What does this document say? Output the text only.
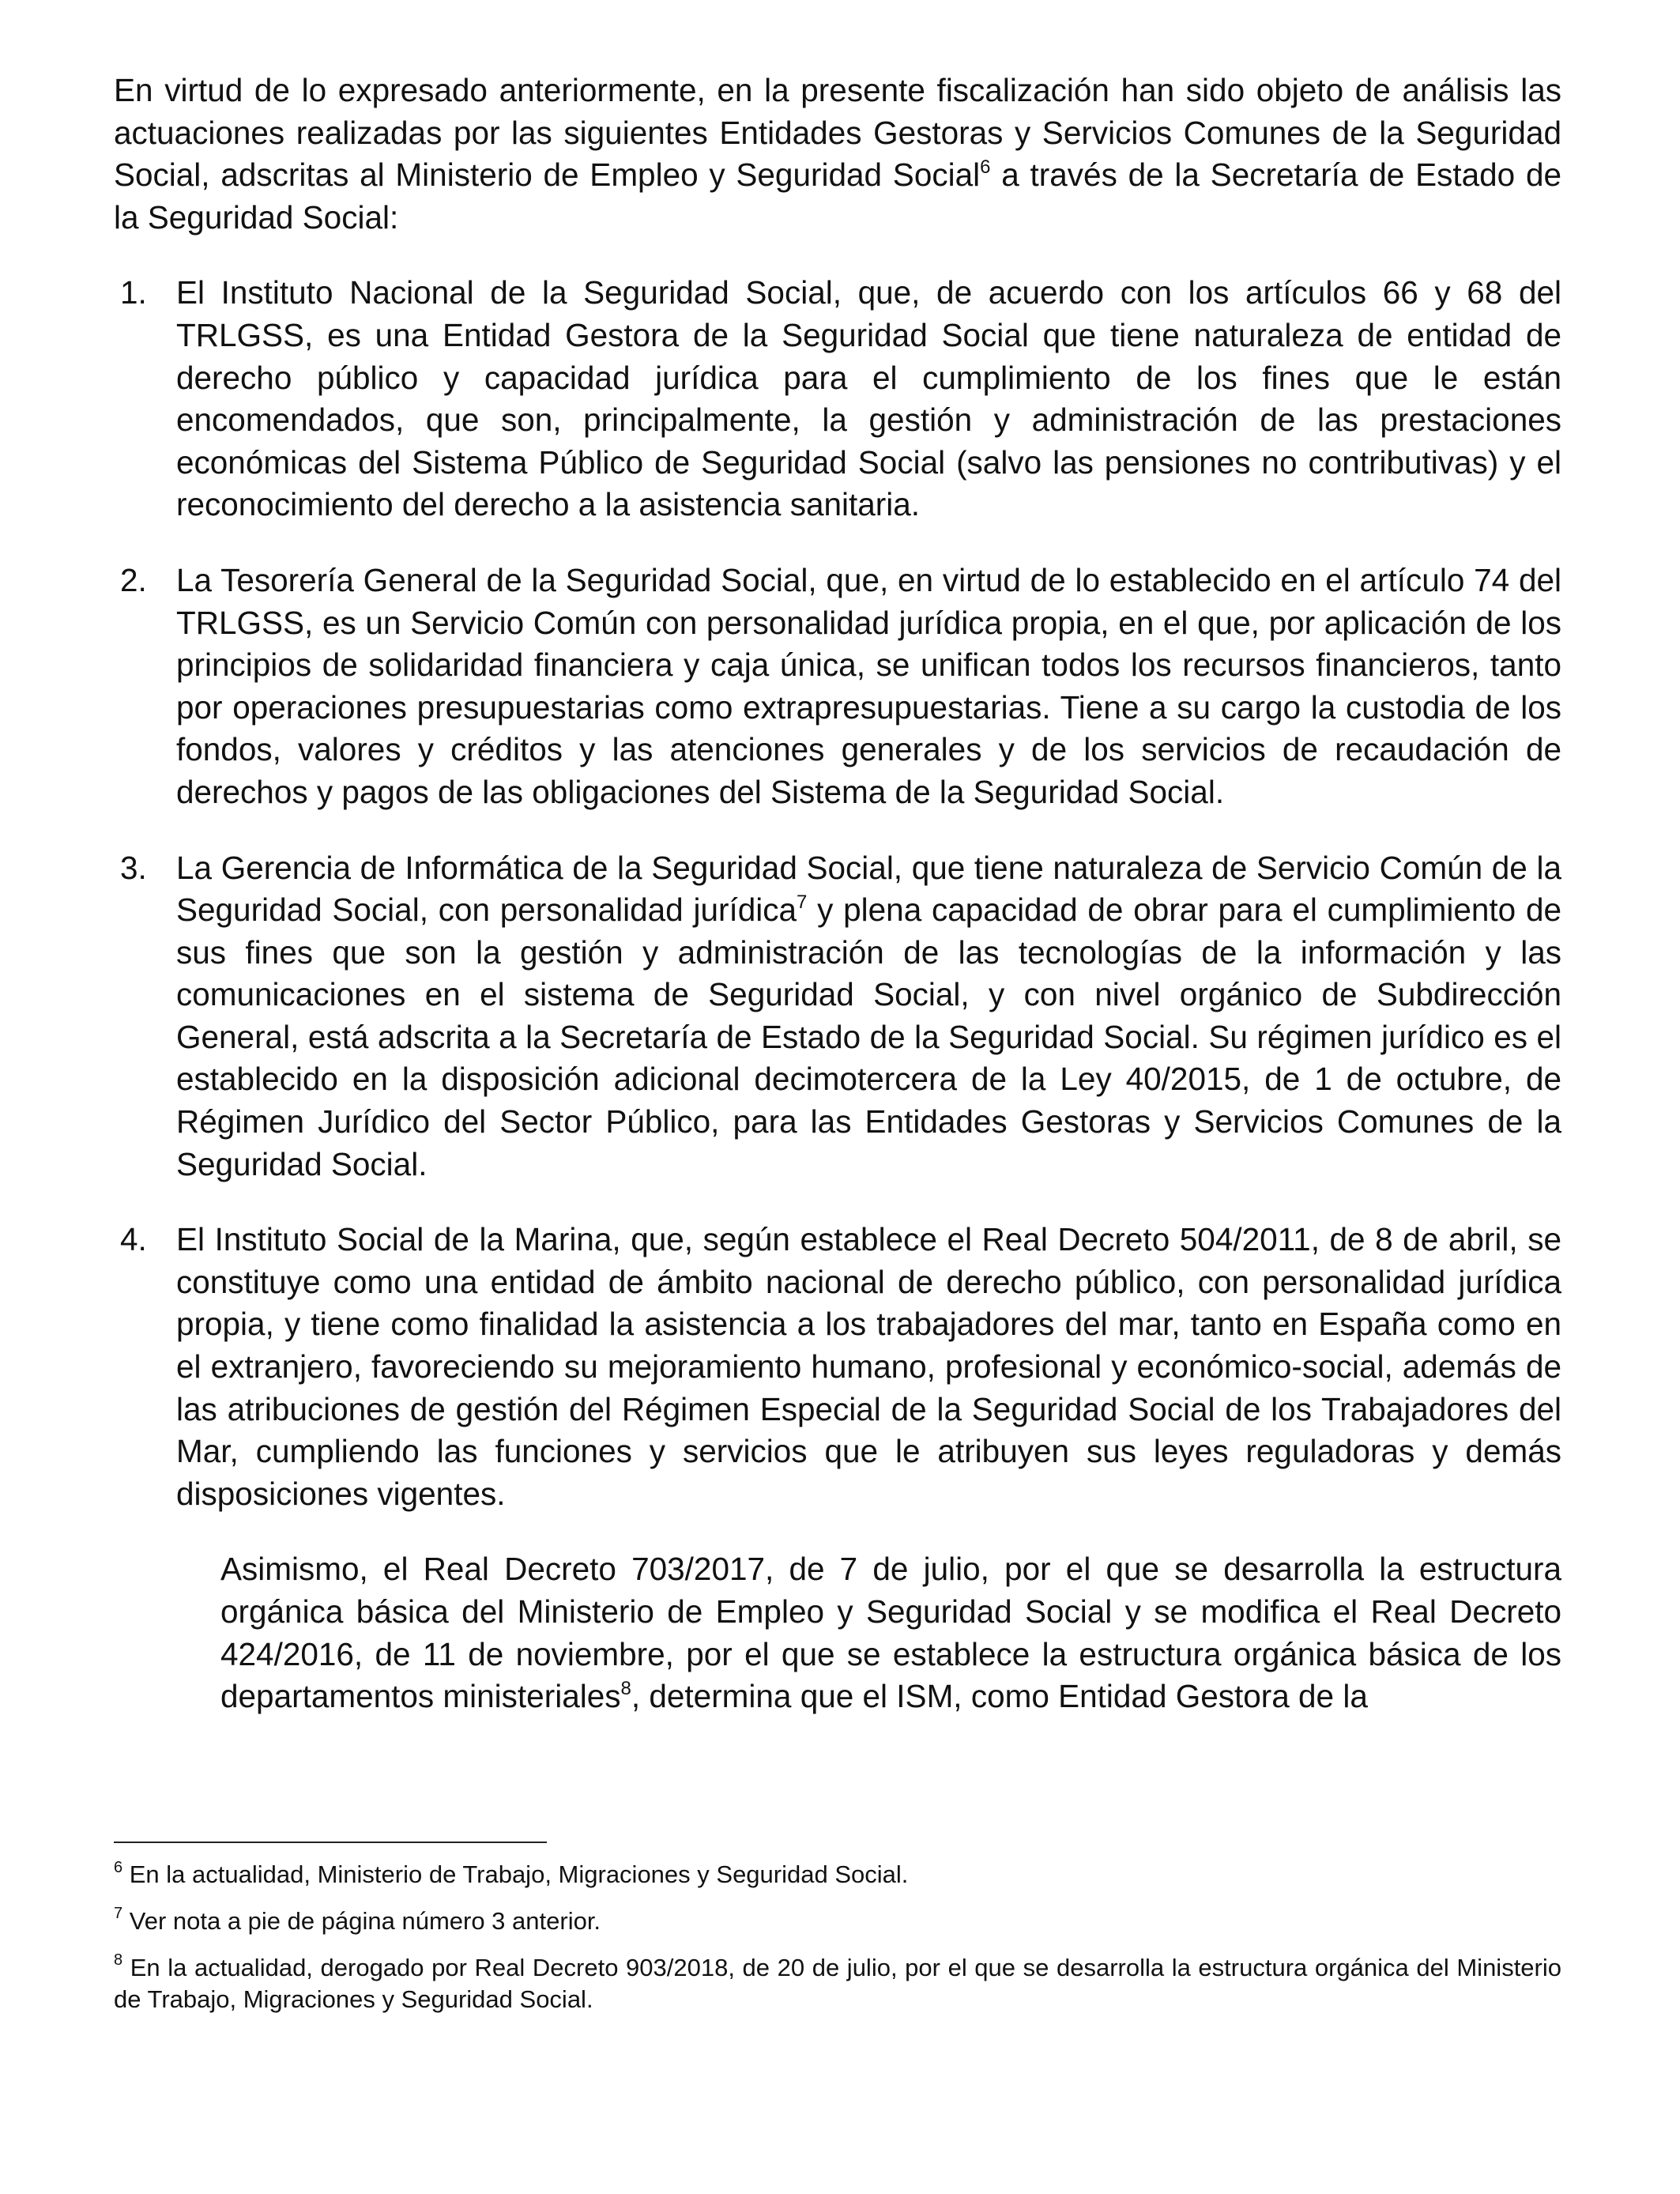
En virtud de lo expresado anteriormente, en la presente fiscalización han sido objeto de análisis las actuaciones realizadas por las siguientes Entidades Gestoras y Servicios Comunes de la Seguridad Social, adscritas al Ministerio de Empleo y Seguridad Social$^6$ a través de la Secretaría de Estado de la Seguridad Social:

1. El Instituto Nacional de la Seguridad Social, que, de acuerdo con los artículos 66 y 68 del TRLGSS, es una Entidad Gestora de la Seguridad Social que tiene naturaleza de entidad de derecho público y capacidad jurídica para el cumplimiento de los fines que le están encomendados, que son, principalmente, la gestión y administración de las prestaciones económicas del Sistema Público de Seguridad Social (salvo las pensiones no contributivas) y el reconocimiento del derecho a la asistencia sanitaria.

2. La Tesorería General de la Seguridad Social, que, en virtud de lo establecido en el artículo 74 del TRLGSS, es un Servicio Común con personalidad jurídica propia, en el que, por aplicación de los principios de solidaridad financiera y caja única, se unifican todos los recursos financieros, tanto por operaciones presupuestarias como extrapresupuestarias. Tiene a su cargo la custodia de los fondos, valores y créditos y las atenciones generales y de los servicios de recaudación de derechos y pagos de las obligaciones del Sistema de la Seguridad Social.

3. La Gerencia de Informática de la Seguridad Social, que tiene naturaleza de Servicio Común de la Seguridad Social, con personalidad jurídica$^7$ y plena capacidad de obrar para el cumplimiento de sus fines que son la gestión y administración de las tecnologías de la información y las comunicaciones en el sistema de Seguridad Social, y con nivel orgánico de Subdirección General, está adscrita a la Secretaría de Estado de la Seguridad Social. Su régimen jurídico es el establecido en la disposición adicional decimotercera de la Ley 40/2015, de 1 de octubre, de Régimen Jurídico del Sector Público, para las Entidades Gestoras y Servicios Comunes de la Seguridad Social.

4. El Instituto Social de la Marina, que, según establece el Real Decreto 504/2011, de 8 de abril, se constituye como una entidad de ámbito nacional de derecho público, con personalidad jurídica propia, y tiene como finalidad la asistencia a los trabajadores del mar, tanto en España como en el extranjero, favoreciendo su mejoramiento humano, profesional y económico-social, además de las atribuciones de gestión del Régimen Especial de la Seguridad Social de los Trabajadores del Mar, cumpliendo las funciones y servicios que le atribuyen sus leyes reguladoras y demás disposiciones vigentes.

Asimismo, el Real Decreto 703/2017, de 7 de julio, por el que se desarrolla la estructura orgánica básica del Ministerio de Empleo y Seguridad Social y se modifica el Real Decreto 424/2016, de 11 de noviembre, por el que se establece la estructura orgánica básica de los departamentos ministeriales$^8$, determina que el ISM, como Entidad Gestora de la

$^6$ En la actualidad, Ministerio de Trabajo, Migraciones y Seguridad Social.

$^7$ Ver nota a pie de página número 3 anterior.

$^8$ En la actualidad, derogado por Real Decreto 903/2018, de 20 de julio, por el que se desarrolla la estructura orgánica del Ministerio de Trabajo, Migraciones y Seguridad Social.
